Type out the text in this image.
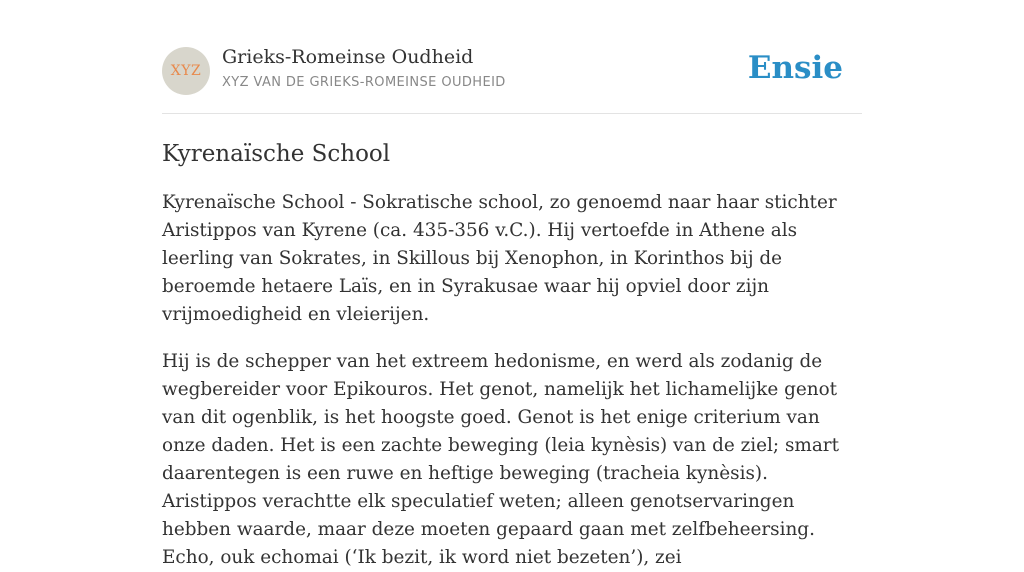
XYZ
Grieks-Romeinse Oudheid
XYZ VAN DE GRIEKS-ROMEINSE OUDHEID	Ensie
Kyrenaïsche School

Kyrenaïsche School - Sokratische school, zo genoemd naar haar stichter Aristippos van Kyrene (ca. 435-356 v.C.). Hij vertoefde in Athene als leerling van Sokrates, in Skillous bij Xenophon, in Korinthos bij de beroemde hetaere Laïs, en in Syrakusae waar hij opviel door zijn vrijmoedigheid en vleierijen.

Hij is de schepper van het extreem hedonisme, en werd als zodanig de wegbereider voor Epikouros. Het genot, namelijk het lichamelijke genot van dit ogenblik, is het hoogste goed. Genot is het enige criterium van onze daden. Het is een zachte beweging (leia kynèsis) van de ziel; smart daarentegen is een ruwe en heftige beweging (tracheia kynèsis). Aristippos verachtte elk speculatief weten; alleen genotservaringen hebben waarde, maar deze moeten gepaard gaan met zelfbeheersing. Echo, ouk echomai (‘Ik bezit, ik word niet bezeten’), zei
